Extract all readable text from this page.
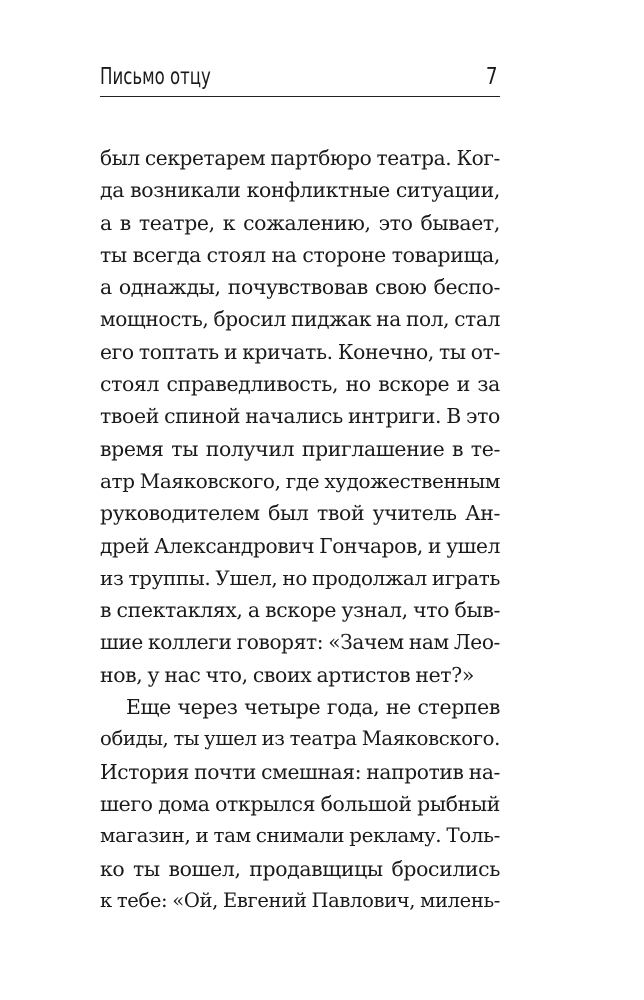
Письмо отцу	7
был секретарем партбюро театра. Ког-
да возникали конфликтные ситуации,
а в театре, к сожалению, это бывает,
ты всегда стоял на стороне товарища,
а однажды, почувствовав свою беспо-
мощность, бросил пиджак на пол, стал
его топтать и кричать. Конечно, ты от-
стоял справедливость, но вскоре и за
твоей спиной начались интриги. В это
время ты получил приглашение в те-
атр Маяковского, где художественным
руководителем был твой учитель Ан-
дрей Александрович Гончаров, и ушел
из труппы. Ушел, но продолжал играть
в спектаклях, а вскоре узнал, что быв-
шие коллеги говорят: «Зачем нам Лео-
нов, у нас что, своих артистов нет?»
Еще через четыре года, не стерпев
обиды, ты ушел из театра Маяковского.
История почти смешная: напротив на-
шего дома открылся большой рыбный
магазин, и там снимали рекламу. Толь-
ко ты вошел, продавщицы бросились
к тебе: «Ой, Евгений Павлович, милень-
